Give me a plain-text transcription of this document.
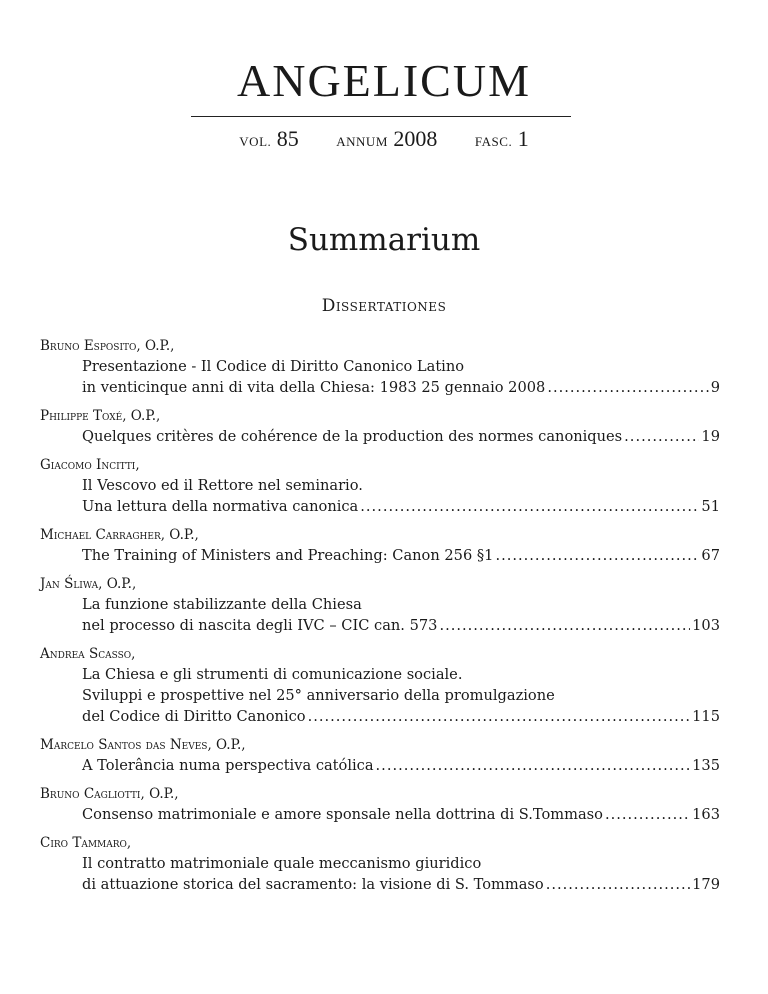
ANGELICUM
VOL. 85	ANNUM 2008	FASC. 1
Summarium
Dissertationes
Bruno Esposito, O.P.,
Presentazione - Il Codice di Diritto Canonico Latino
in venticinque anni di vita della Chiesa: 1983 25 gennaio 2008 .....	9
Philippe Toxé, O.P.,
Quelques critères de cohérence de la production des normes canoniques .....	19
Giacomo Incitti,
Il Vescovo ed il Rettore nel seminario.
Una lettura della normativa canonica .....	51
Michael Carragher, O.P.,
The Training of Ministers and Preaching: Canon 256 §1 .....	67
Jan Śliwa, O.P.,
La funzione stabilizzante della Chiesa
nel processo di nascita degli IVC – CIC can. 573 .....	103
Andrea Scasso,
La Chiesa e gli strumenti di comunicazione sociale.
Sviluppi e prospettive nel 25° anniversario della promulgazione
del Codice di Diritto Canonico .....	115
Marcelo Santos das Neves, O.P.,
A Tolerância numa perspectiva católica .....	135
Bruno Cagliotti, O.P.,
Consenso matrimoniale e amore sponsale nella dottrina di S.Tommaso .....	163
Ciro Tammaro,
Il contratto matrimoniale quale meccanismo giuridico
di attuazione storica del sacramento: la visione di S. Tommaso .....	179
